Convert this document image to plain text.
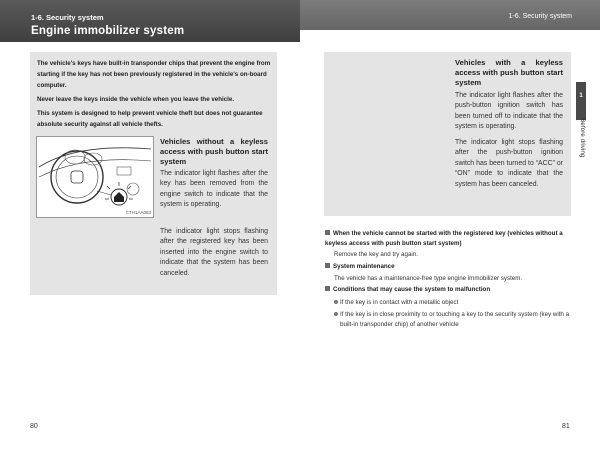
1-6. Security system
Engine immobilizer system
1-6. Security system
The vehicle's keys have built-in transponder chips that prevent the engine from starting if the key has not been previously registered in the vehicle's on-board computer.
Never leave the keys inside the vehicle when you leave the vehicle.
This system is designed to help prevent vehicle theft but does not guarantee absolute security against all vehicle thefts.
CTH1AA083
Vehicles without a keyless access with push button start system
The indicator light flashes after the key has been removed from the engine switch to indicate that the system is operating.
The indicator light stops flashing after the registered key has been inserted into the engine switch to indicate that the system has been canceled.
Vehicles with a keyless access with push button start system
The indicator light flashes after the push-button ignition switch has been turned off to indicate that the system is operating.
The indicator light stops flashing after the push-button ignition switch has been turned to “ACC” or “ON” mode to indicate that the system has been canceled.
When the vehicle cannot be started with the registered key (vehicles without a keyless access with push button start system)
Remove the key and try again.
System maintenance
The vehicle has a maintenance-free type engine immobilizer system.
Conditions that may cause the system to malfunction
If the key is in contact with a metallic object
If the key is in close proximity to or touching a key to the security system (key with a built-in transponder chip) of another vehicle
1
Before driving
80	81
